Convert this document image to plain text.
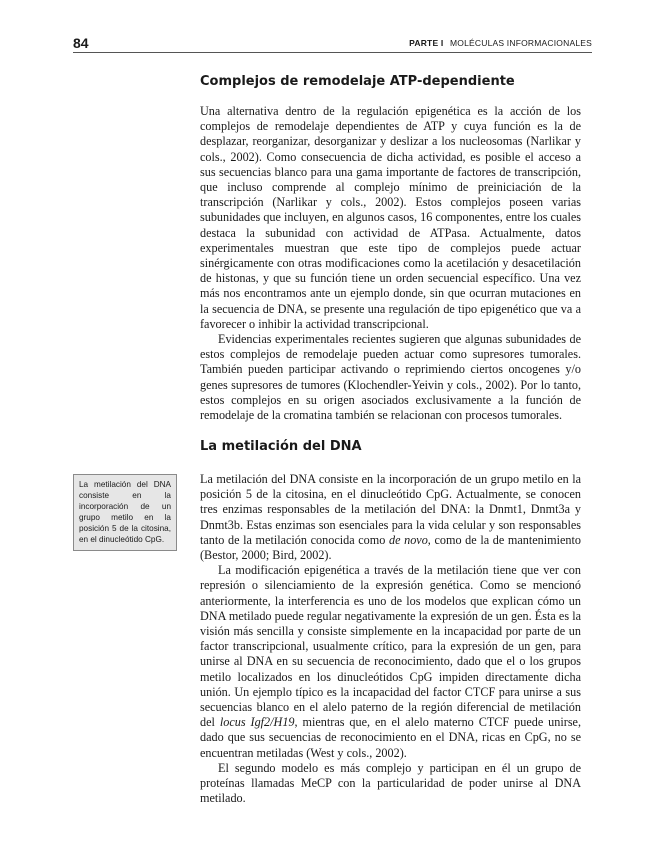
84	PARTE I MOLÉCULAS INFORMACIONALES
Complejos de remodelaje ATP-dependiente

Una alternativa dentro de la regulación epigenética es la acción de los complejos de remodelaje dependientes de ATP y cuya función es la de desplazar, reorganizar, desorganizar y deslizar a los nucleosomas (Narlikar y cols., 2002). Como consecuencia de dicha actividad, es posible el acceso a sus secuencias blanco para una gama importante de factores de transcripción, que incluso comprende al complejo mínimo de preiniciación de la transcripción (Narlikar y cols., 2002). Estos complejos poseen varias subunidades que incluyen, en algunos casos, 16 componentes, entre los cuales destaca la subunidad con actividad de ATPasa. Actualmente, datos experimentales muestran que este tipo de complejos puede actuar sinérgicamente con otras modificaciones como la acetilación y desacetilación de histonas, y que su función tiene un orden secuencial específico. Una vez más nos encontramos ante un ejemplo donde, sin que ocurran mutaciones en la secuencia de DNA, se presente una regulación de tipo epigenético que va a favorecer o inhibir la actividad transcripcional.

Evidencias experimentales recientes sugieren que algunas subunidades de estos complejos de remodelaje pueden actuar como supresores tumorales. También pueden participar activando o reprimiendo ciertos oncogenes y/o genes supresores de tumores (Klochendler-Yeivin y cols., 2002). Por lo tanto, estos complejos en su origen asociados exclusivamente a la función de remodelaje de la cromatina también se relacionan con procesos tumorales.

La metilación del DNA

La metilación del DNA consiste en la incorporación de un grupo metilo en la posición 5 de la citosina, en el dinucleótido CpG.

La metilación del DNA consiste en la incorporación de un grupo metilo en la posición 5 de la citosina, en el dinucleótido CpG. Actualmente, se conocen tres enzimas responsables de la metilación del DNA: la Dnmt1, Dnmt3a y Dnmt3b. Estas enzimas son esenciales para la vida celular y son responsables tanto de la metilación conocida como de novo, como de la de mantenimiento (Bestor, 2000; Bird, 2002).

La modificación epigenética a través de la metilación tiene que ver con represión o silenciamiento de la expresión genética. Como se mencionó anteriormente, la interferencia es uno de los modelos que explican cómo un DNA metilado puede regular negativamente la expresión de un gen. Ésta es la visión más sencilla y consiste simplemente en la incapacidad por parte de un factor transcripcional, usualmente crítico, para la expresión de un gen, para unirse al DNA en su secuencia de reconocimiento, dado que el o los grupos metilo localizados en los dinucleótidos CpG impiden directamente dicha unión. Un ejemplo típico es la incapacidad del factor CTCF para unirse a sus secuencias blanco en el alelo paterno de la región diferencial de metilación del locus Igf2/H19, mientras que, en el alelo materno CTCF puede unirse, dado que sus secuencias de reconocimiento en el DNA, ricas en CpG, no se encuentran metiladas (West y cols., 2002).

El segundo modelo es más complejo y participan en él un grupo de proteínas llamadas MeCP con la particularidad de poder unirse al DNA metilado.
